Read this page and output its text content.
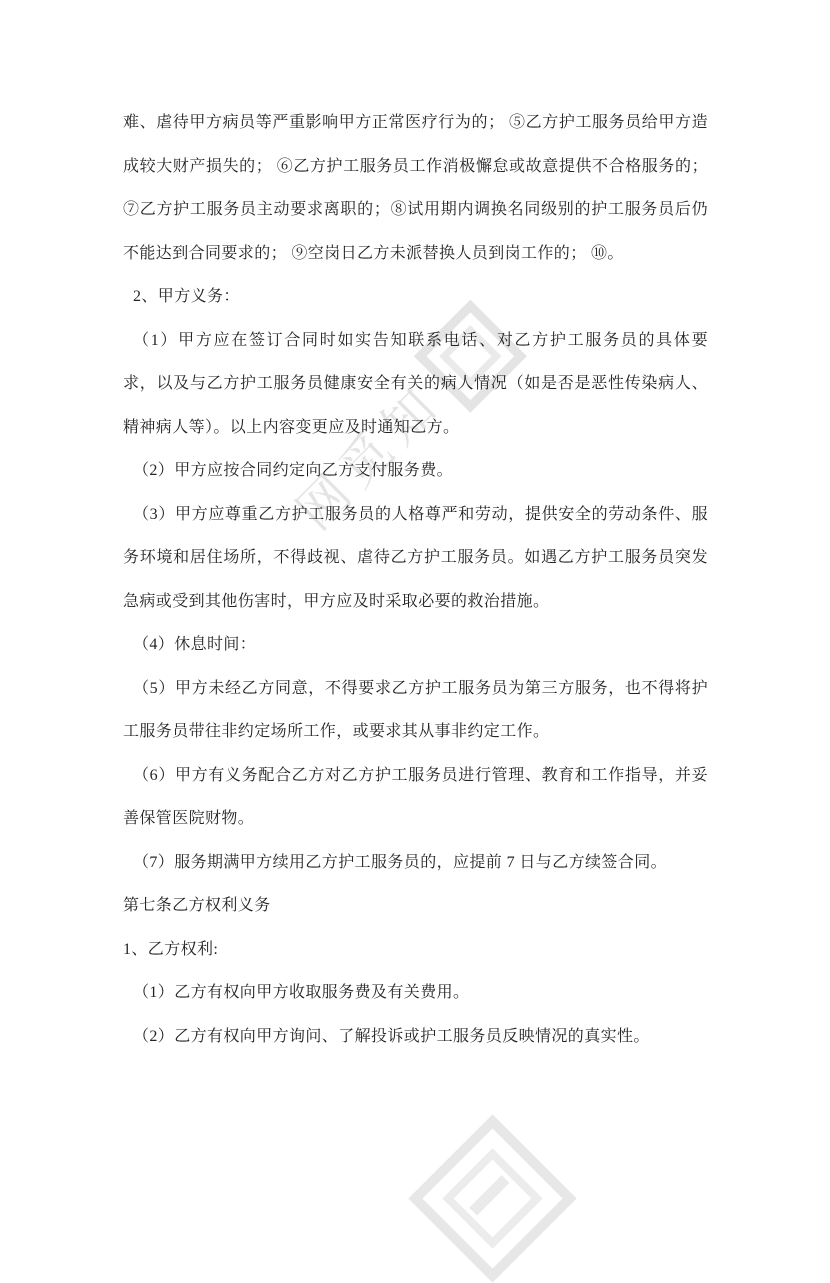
网
觅
知
难、虐待甲方病员等严重影响甲方正常医疗行为的； ⑤乙方护工服务员给甲方造
成较大财产损失的； ⑥乙方护工服务员工作消极懈怠或故意提供不合格服务的；
⑦乙方护工服务员主动要求离职的；⑧试用期内调换名同级别的护工服务员后仍
不能达到合同要求的； ⑨空岗日乙方未派替换人员到岗工作的； ⑩。
2、甲方义务：
（1）甲方应在签订合同时如实告知联系电话、对乙方护工服务员的具体要
求，以及与乙方护工服务员健康安全有关的病人情况（如是否是恶性传染病人、
精神病人等）。以上内容变更应及时通知乙方。
（2）甲方应按合同约定向乙方支付服务费。
（3）甲方应尊重乙方护工服务员的人格尊严和劳动，提供安全的劳动条件、服
务环境和居住场所，不得歧视、虐待乙方护工服务员。如遇乙方护工服务员突发
急病或受到其他伤害时，甲方应及时采取必要的救治措施。
（4）休息时间：
（5）甲方未经乙方同意，不得要求乙方护工服务员为第三方服务，也不得将护
工服务员带往非约定场所工作，或要求其从事非约定工作。
（6）甲方有义务配合乙方对乙方护工服务员进行管理、教育和工作指导，并妥
善保管医院财物。
（7）服务期满甲方续用乙方护工服务员的，应提前 7 日与乙方续签合同。
第七条乙方权利义务
1、乙方权利:
（1）乙方有权向甲方收取服务费及有关费用。
（2）乙方有权向甲方询问、了解投诉或护工服务员反映情况的真实性。
